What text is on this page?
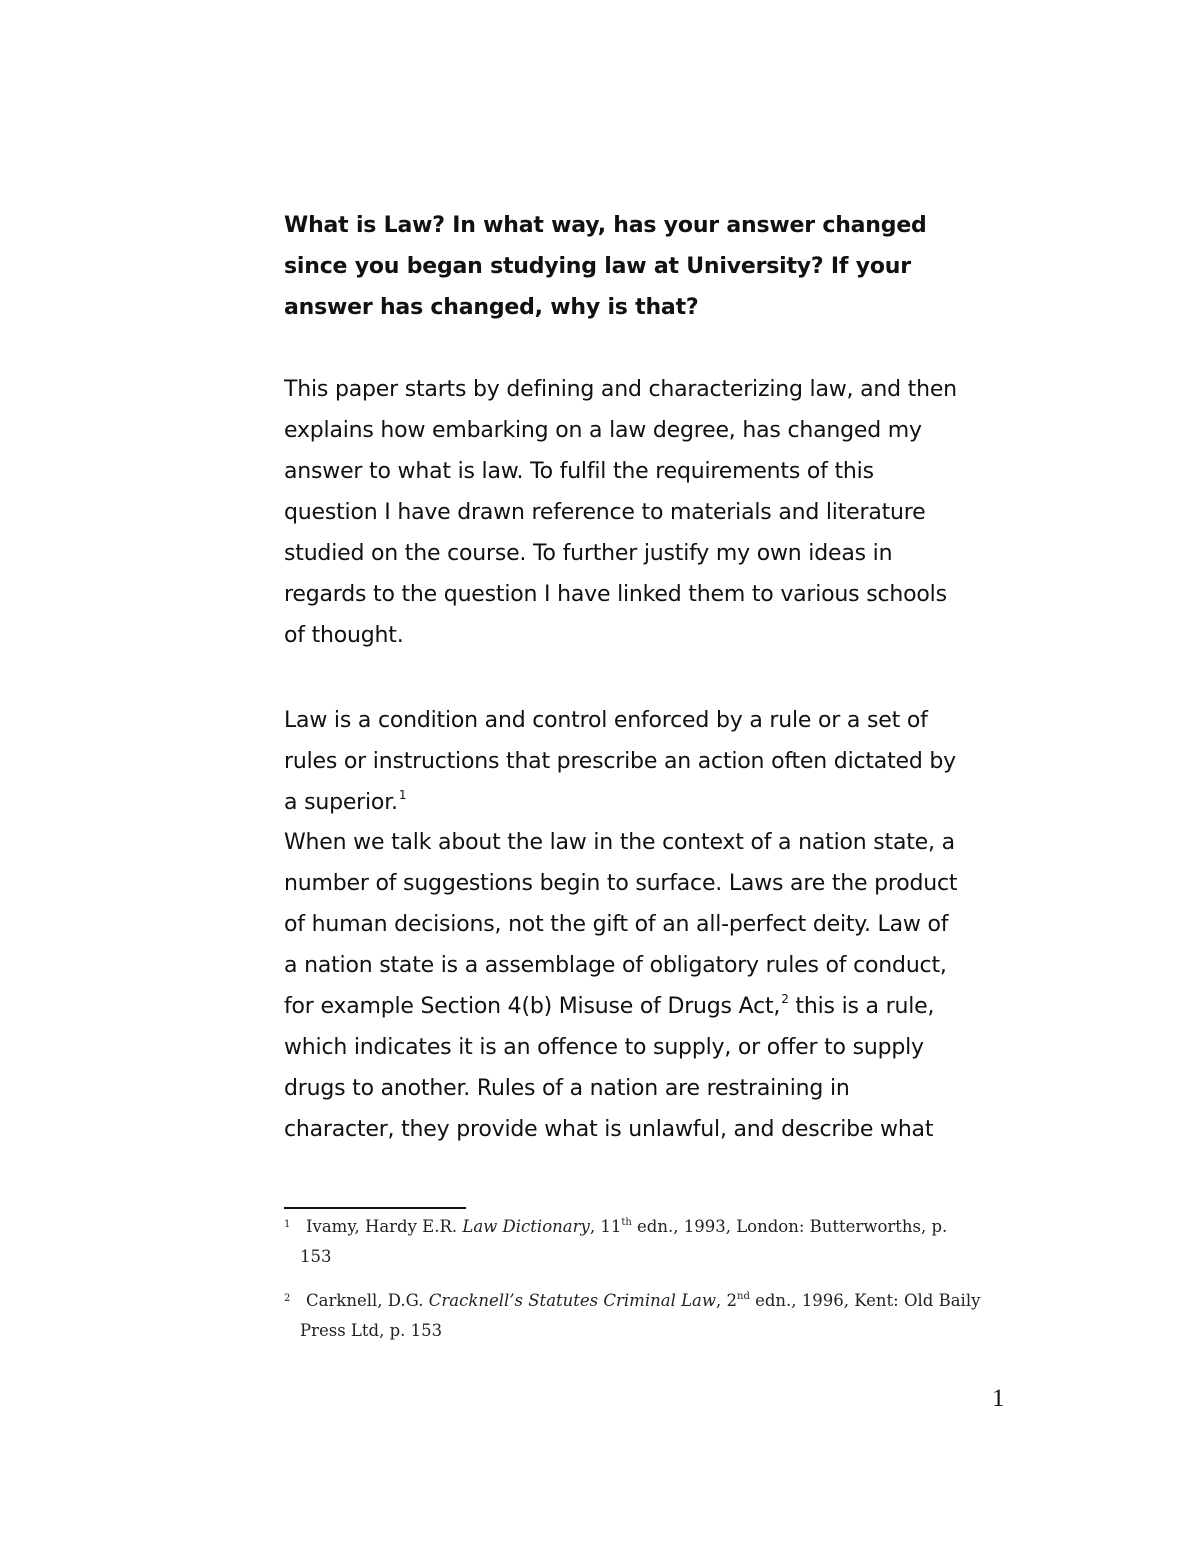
What is Law? In what way, has your answer changed
since you began studying law at University? If your
answer has changed, why is that?
This paper starts by defining and characterizing law, and then
explains how embarking on a law degree, has changed my
answer to what is law. To fulfil the requirements of this
question I have drawn reference to materials and literature
studied on the course. To further justify my own ideas in
regards to the question I have linked them to various schools
of thought.
Law is a condition and control enforced by a rule or a set of
rules or instructions that prescribe an action often dictated by
a superior.$^1$
When we talk about the law in the context of a nation state, a
number of suggestions begin to surface. Laws are the product
of human decisions, not the gift of an all-perfect deity. Law of
a nation state is a assemblage of obligatory rules of conduct,
for example Section 4(b) Misuse of Drugs Act,$^2$ this is a rule,
which indicates it is an offence to supply, or offer to supply
drugs to another. Rules of a nation are restraining in
character, they provide what is unlawful, and describe what
1 Ivamy, Hardy E.R. Law Dictionary, 11th edn., 1993, London: Butterworths, p.
153
2 Carknell, D.G. Cracknell’s Statutes Criminal Law, 2nd edn., 1996, Kent: Old Baily
Press Ltd, p. 153
1
